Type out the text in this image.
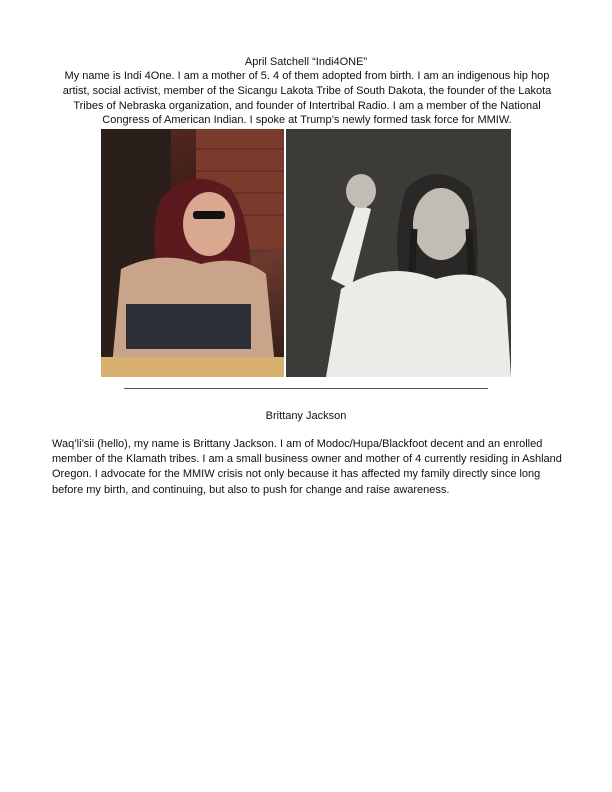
April Satchell “Indi4ONE”
My name is Indi 4One. I am a mother of 5. 4 of them adopted from birth. I am an indigenous hip hop artist, social activist, member of the Sicangu Lakota Tribe of South Dakota, the founder of the Lakota Tribes of Nebraska organization, and founder of Intertribal Radio. I am a member of the National Congress of American Indian. I spoke at Trump’s newly formed task force for MMIW.
Brittany Jackson
Waq’li’sii (hello), my name is Brittany Jackson. I am of Modoc/Hupa/Blackfoot decent and an enrolled member of the Klamath tribes. I am a small business owner and mother of 4 currently residing in Ashland Oregon. I advocate for the MMIW crisis not only because it has affected my family directly since long before my birth, and continuing, but also to push for change and raise awareness.
